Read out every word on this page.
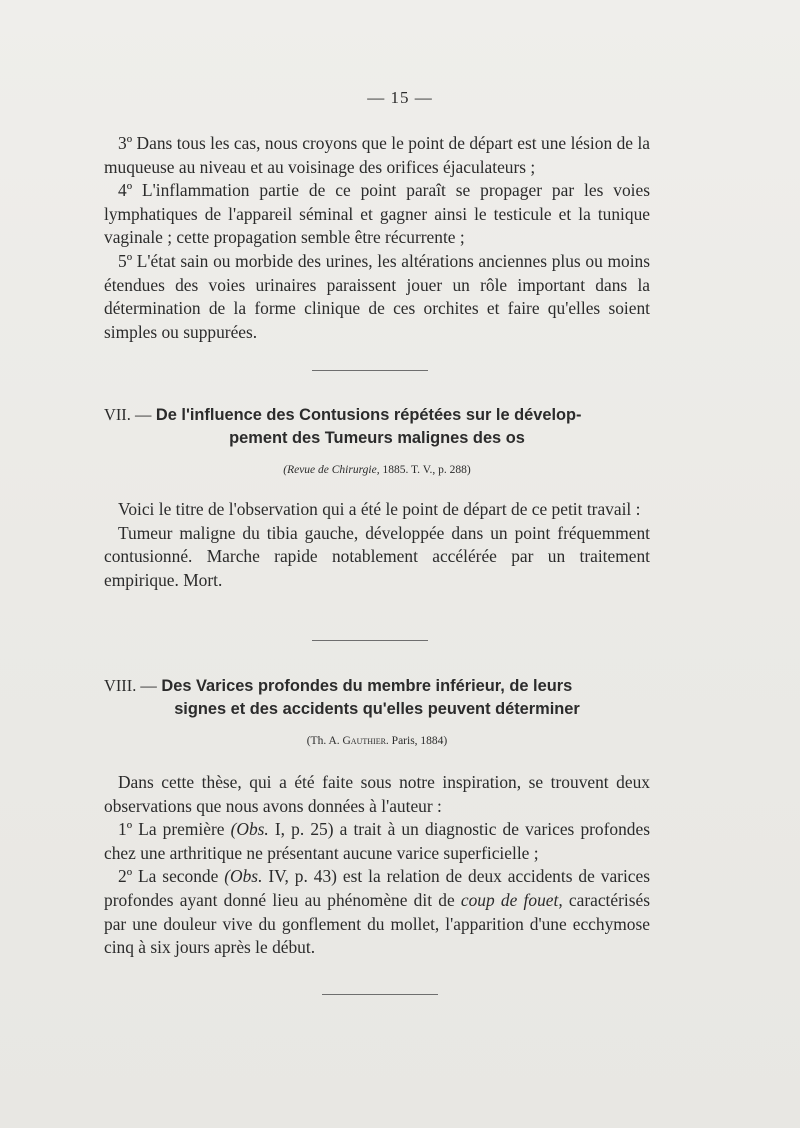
— 15 —

3º Dans tous les cas, nous croyons que le point de départ est une lésion de la muqueuse au niveau et au voisinage des orifices éjaculateurs ;

4º L'inflammation partie de ce point paraît se propager par les voies lymphatiques de l'appareil séminal et gagner ainsi le testicule et la tunique vaginale ; cette propagation semble être récurrente ;

5º L'état sain ou morbide des urines, les altérations anciennes plus ou moins étendues des voies urinaires paraissent jouer un rôle important dans la détermination de la forme clinique de ces orchites et faire qu'elles soient simples ou suppurées.

VII. — De l'influence des Contusions répétées sur le dévelop-
pement des Tumeurs malignes des os
(Revue de Chirurgie, 1885. T. V., p. 288)

Voici le titre de l'observation qui a été le point de départ de ce petit travail :

Tumeur maligne du tibia gauche, développée dans un point fréquemment contusionné. Marche rapide notablement accélérée par un traitement empirique. Mort.

VIII. — Des Varices profondes du membre inférieur, de leurs
signes et des accidents qu'elles peuvent déterminer
(Th. A. Gauthier. Paris, 1884)

Dans cette thèse, qui a été faite sous notre inspiration, se trouvent deux observations que nous avons données à l'auteur :

1º La première (Obs. I, p. 25) a trait à un diagnostic de varices profondes chez une arthritique ne présentant aucune varice superficielle ;

2º La seconde (Obs. IV, p. 43) est la relation de deux accidents de varices profondes ayant donné lieu au phénomène dit de coup de fouet, caractérisés par une douleur vive du gonflement du mollet, l'apparition d'une ecchymose cinq à six jours après le début.
